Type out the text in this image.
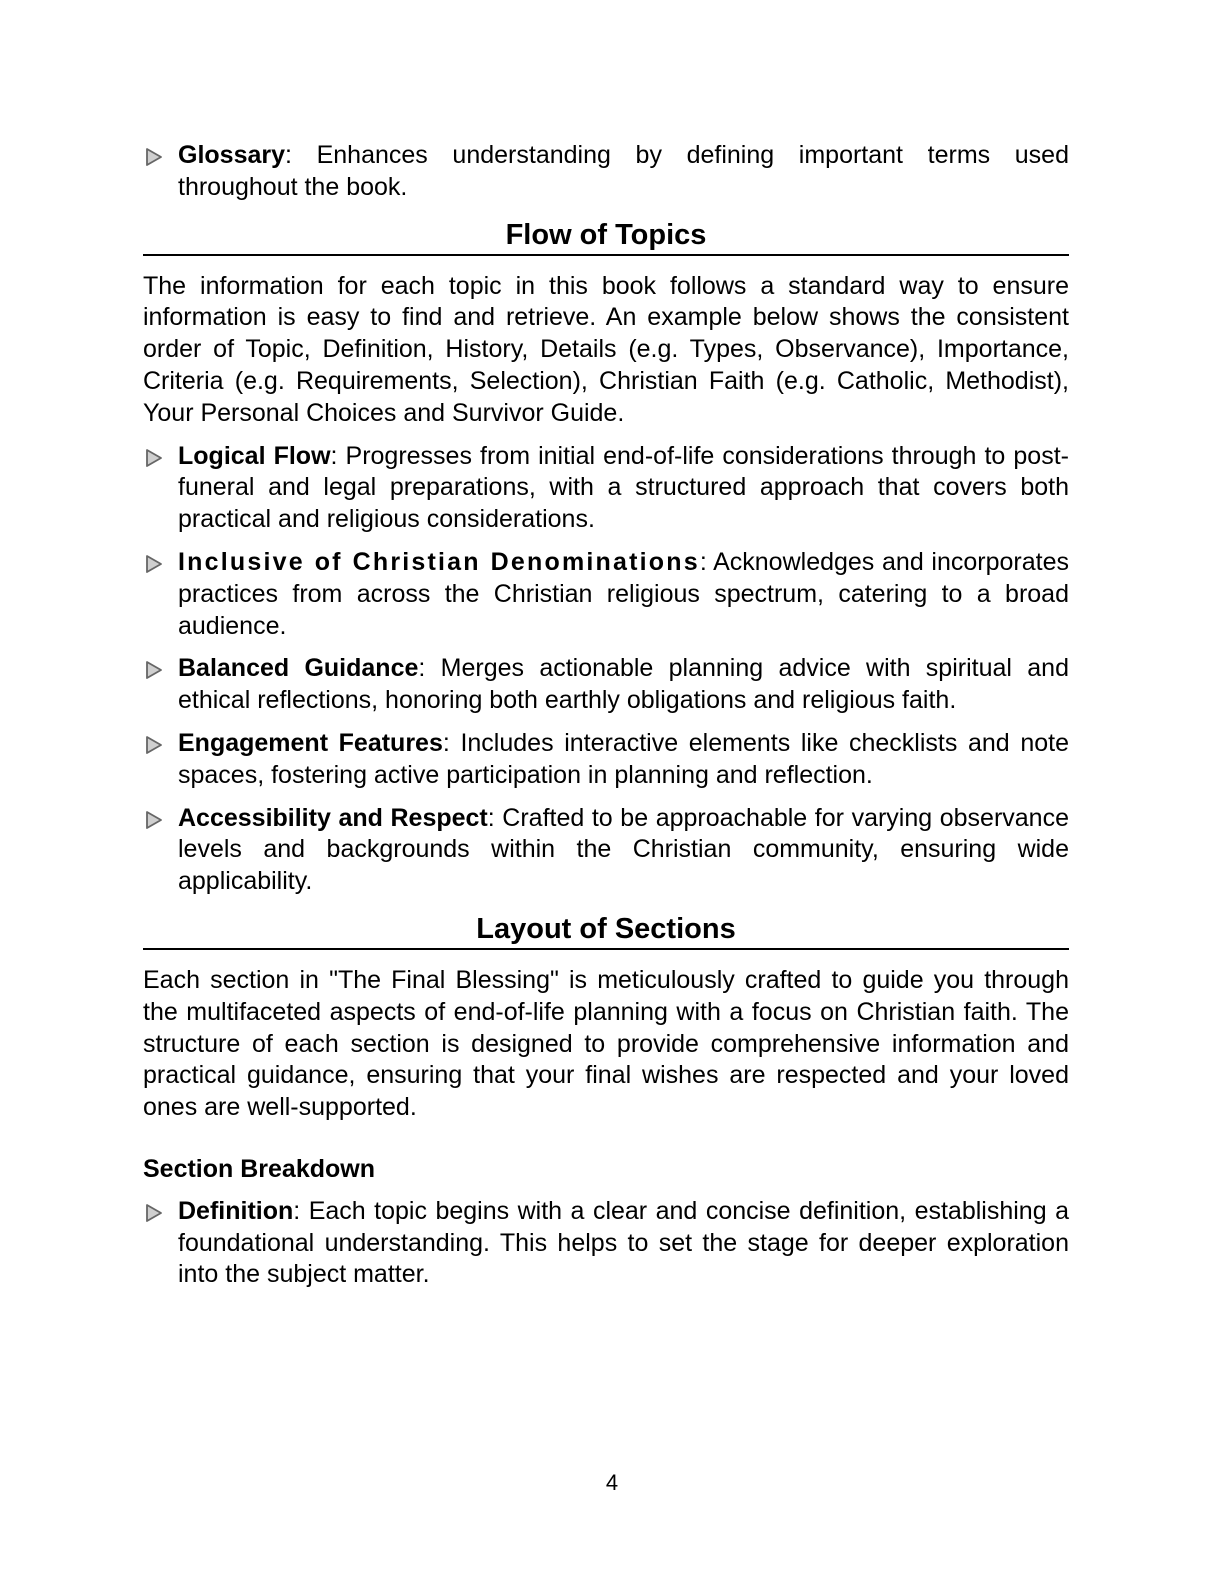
Glossary: Enhances understanding by defining important terms used throughout the book.
Flow of Topics
The information for each topic in this book follows a standard way to ensure information is easy to find and retrieve. An example below shows the consistent order of Topic, Definition, History, Details (e.g. Types, Observance), Importance, Criteria (e.g. Requirements, Selection), Christian Faith (e.g. Catholic, Methodist), Your Personal Choices and Survivor Guide.
Logical Flow: Progresses from initial end-of-life considerations through to post-funeral and legal preparations, with a structured approach that covers both practical and religious considerations.
Inclusive of Christian Denominations: Acknowledges and incorporates practices from across the Christian religious spectrum, catering to a broad audience.
Balanced Guidance: Merges actionable planning advice with spiritual and ethical reflections, honoring both earthly obligations and religious faith.
Engagement Features: Includes interactive elements like checklists and note spaces, fostering active participation in planning and reflection.
Accessibility and Respect: Crafted to be approachable for varying observance levels and backgrounds within the Christian community, ensuring wide applicability.
Layout of Sections
Each section in "The Final Blessing" is meticulously crafted to guide you through the multifaceted aspects of end-of-life planning with a focus on Christian faith. The structure of each section is designed to provide comprehensive information and practical guidance, ensuring that your final wishes are respected and your loved ones are well-supported.
Section Breakdown
Definition: Each topic begins with a clear and concise definition, establishing a foundational understanding. This helps to set the stage for deeper exploration into the subject matter.
4
